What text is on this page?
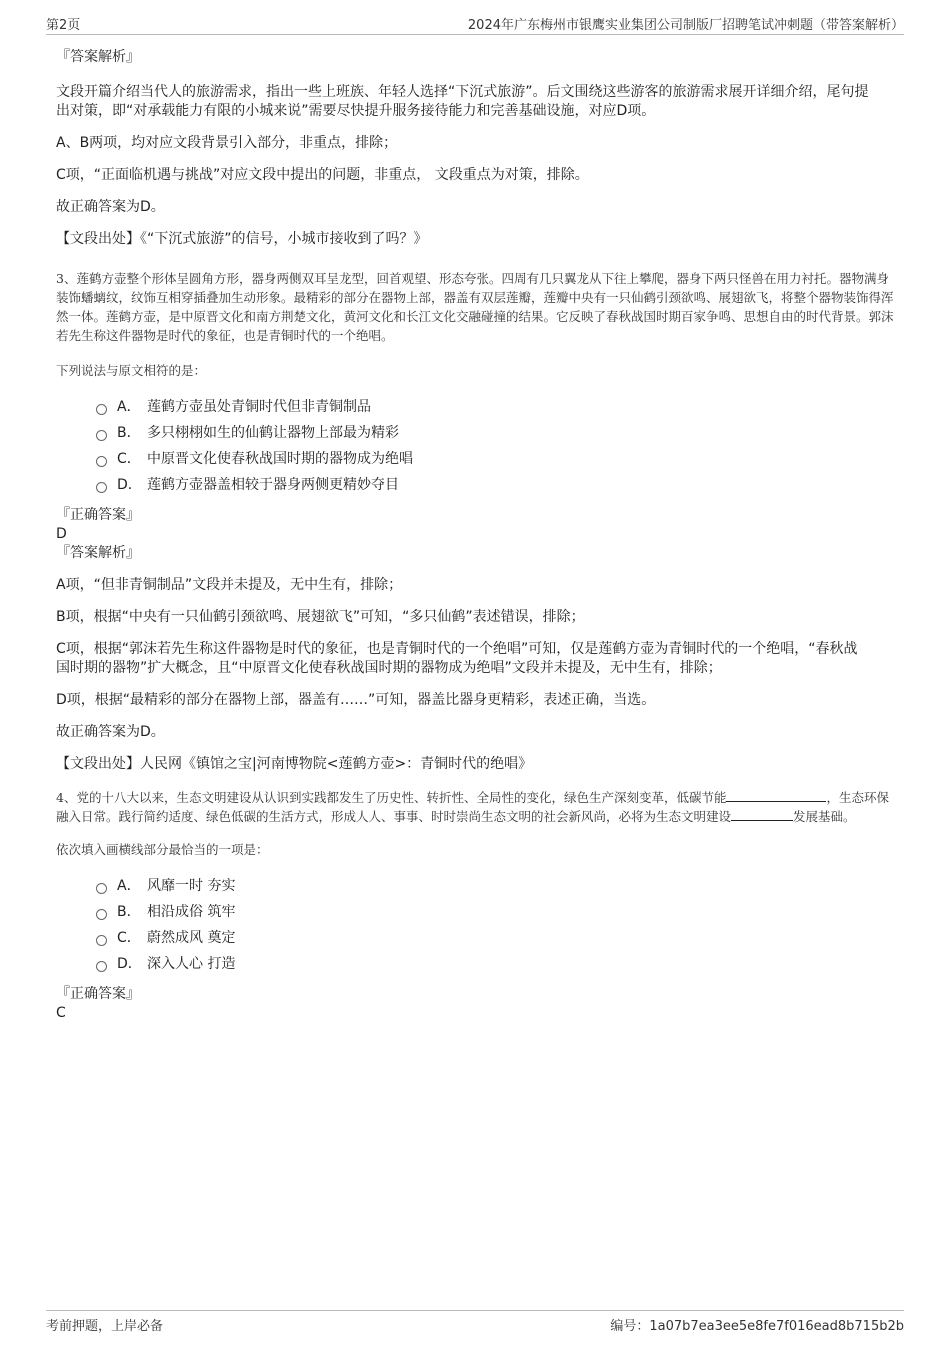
第2页	2024年广东梅州市银鹰实业集团公司制版厂招聘笔试冲刺题（带答案解析）

『答案解析』

文段开篇介绍当代人的旅游需求，指出一些上班族、年轻人选择“下沉式旅游”。后文围绕这些游客的旅游需求展开详细介绍，尾句提出对策，即“对承载能力有限的小城来说”需要尽快提升服务接待能力和完善基础设施，对应D项。

A、B两项，均对应文段背景引入部分，非重点，排除；

C项，“正面临机遇与挑战”对应文段中提出的问题，非重点， 文段重点为对策，排除。

故正确答案为D。

【文段出处】《“下沉式旅游”的信号，小城市接收到了吗？》

3、莲鹤方壶整个形体呈圆角方形，器身两侧双耳呈龙型，回首观望、形态夸张。四周有几只翼龙从下往上攀爬，器身下两只怪兽在用力衬托。器物满身装饰蟠螭纹，纹饰互相穿插叠加生动形象。最精彩的部分在器物上部，器盖有双层莲瓣，莲瓣中央有一只仙鹤引颈欲鸣、展翅欲飞，将整个器物装饰得浑然一体。莲鹤方壶，是中原晋文化和南方荆楚文化，黄河文化和长江文化交融碰撞的结果。它反映了春秋战国时期百家争鸣、思想自由的时代背景。郭沫若先生称这件器物是时代的象征，也是青铜时代的一个绝唱。

下列说法与原文相符的是：

A． 莲鹤方壶虽处青铜时代但非青铜制品
B． 多只栩栩如生的仙鹤让器物上部最为精彩
C． 中原晋文化使春秋战国时期的器物成为绝唱
D． 莲鹤方壶器盖相较于器身两侧更精妙夺目

『正确答案』

D

『答案解析』

A项，“但非青铜制品”文段并未提及，无中生有，排除；

B项，根据“中央有一只仙鹤引颈欲鸣、展翅欲飞”可知，“多只仙鹤”表述错误，排除；

C项，根据“郭沫若先生称这件器物是时代的象征，也是青铜时代的一个绝唱”可知，仅是莲鹤方壶为青铜时代的一个绝唱，“春秋战国时期的器物”扩大概念，且“中原晋文化使春秋战国时期的器物成为绝唱”文段并未提及，无中生有，排除；

D项，根据“最精彩的部分在器物上部，器盖有……”可知，器盖比器身更精彩，表述正确，当选。

故正确答案为D。

【文段出处】人民网《镇馆之宝|河南博物院<莲鹤方壶>：青铜时代的绝唱》

4、党的十八大以来，生态文明建设从认识到实践都发生了历史性、转折性、全局性的变化，绿色生产深刻变革，低碳节能	，生态环保融入日常。践行简约适度、绿色低碳的生活方式，形成人人、事事、时时崇尚生态文明的社会新风尚，必将为生态文明建设	发展基础。

依次填入画横线部分最恰当的一项是：

A． 风靡一时 夯实
B． 相沿成俗 筑牢
C． 蔚然成风 奠定
D． 深入人心 打造

『正确答案』

C

考前押题，上岸必备	编号：1a07b7ea3ee5e8fe7f016ead8b715b2b
